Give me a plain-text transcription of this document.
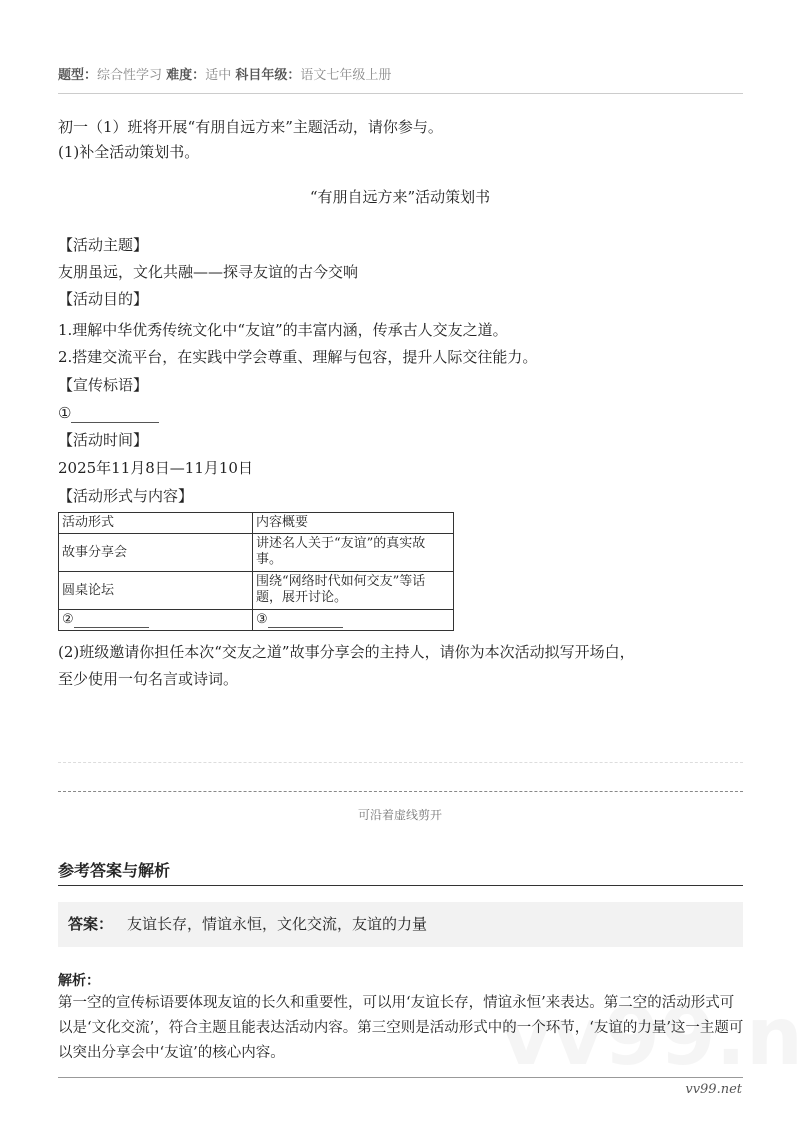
题型：综合性学习 难度：适中 科目年级：语文七年级上册
初一（1）班将开展“有朋自远方来”主题活动，请你参与。
(1)补全活动策划书。
“有朋自远方来”活动策划书
【活动主题】
友朋虽远，文化共融——探寻友谊的古今交响
【活动目的】
1.理解中华优秀传统文化中“友谊”的丰富内涵，传承古人交友之道。
2.搭建交流平台，在实践中学会尊重、理解与包容，提升人际交往能力。
【宣传标语】
①
【活动时间】
2025年11月8日—11月10日
【活动形式与内容】
活动形式	内容概要
故事分享会	讲述名人关于“友谊”的真实故事。
圆桌论坛	围绕“网络时代如何交友”等话题，展开讨论。
②	③
(2)班级邀请你担任本次“交友之道”故事分享会的主持人，请你为本次活动拟写开场白，
至少使用一句名言或诗词。
可沿着虚线剪开
参考答案与解析
答案： 友谊长存，情谊永恒，文化交流，友谊的力量
解析：
第一空的宣传标语要体现友谊的长久和重要性，可以用‘友谊长存，情谊永恒’来表达。第二空的活动形式可以是‘文化交流’，符合主题且能表达活动内容。第三空则是活动形式中的一个环节，‘友谊的力量’这一主题可以突出分享会中‘友谊’的核心内容。
vv99.net
